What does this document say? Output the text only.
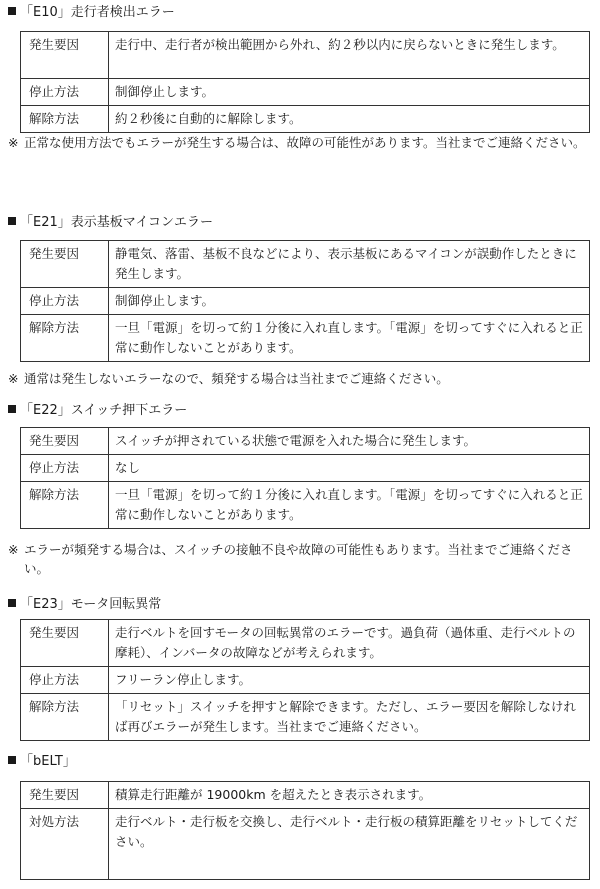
「E10」走行者検出エラー
発生要因	走行中、走行者が検出範囲から外れ、約２秒以内に戻らないときに発生します。
停止方法	制御停止します。
解除方法	約２秒後に自動的に解除します。
※ 正常な使用方法でもエラーが発生する場合は、故障の可能性があります。当社までご連絡ください。
「E21」表示基板マイコンエラー
発生要因	静電気、落雷、基板不良などにより、表示基板にあるマイコンが誤動作したときに発生します。
停止方法	制御停止します。
解除方法	一旦「電源」を切って約１分後に入れ直します。「電源」を切ってすぐに入れると正常に動作しないことがあります。
※ 通常は発生しないエラーなので、頻発する場合は当社までご連絡ください。
「E22」スイッチ押下エラー
発生要因	スイッチが押されている状態で電源を入れた場合に発生します。
停止方法	なし
解除方法	一旦「電源」を切って約１分後に入れ直します。「電源」を切ってすぐに入れると正常に動作しないことがあります。
※ エラーが頻発する場合は、スイッチの接触不良や故障の可能性もあります。当社までご連絡ください。
「E23」モータ回転異常
発生要因	走行ベルトを回すモータの回転異常のエラーです。過負荷（過体重、走行ベルトの摩耗）、インバータの故障などが考えられます。
停止方法	フリーラン停止します。
解除方法	「リセット」スイッチを押すと解除できます。ただし、エラー要因を解除しなければ再びエラーが発生します。当社までご連絡ください。
「bELT」
発生要因	積算走行距離が 19000km を超えたとき表示されます。
対処方法	走行ベルト・走行板を交換し、走行ベルト・走行板の積算距離をリセットしてください。
